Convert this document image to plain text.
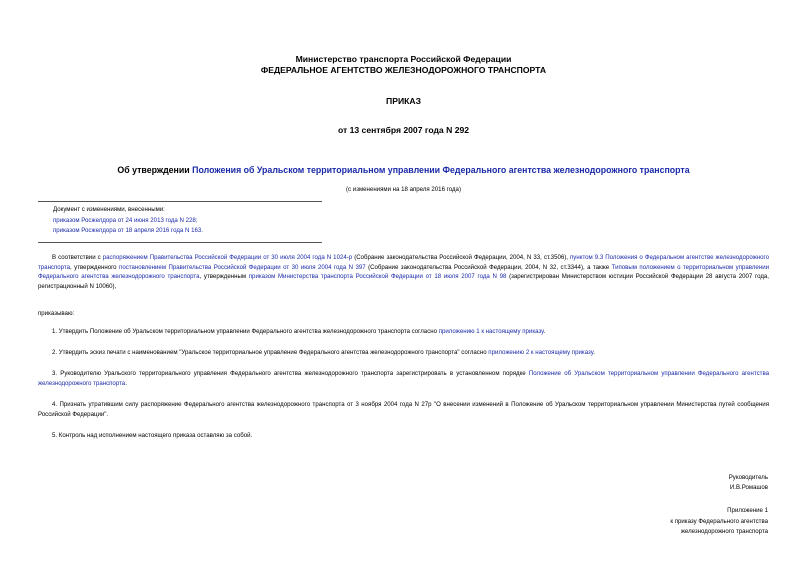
Министерство транспорта Российской Федерации
ФЕДЕРАЛЬНОЕ АГЕНТСТВО ЖЕЛЕЗНОДОРОЖНОГО ТРАНСПОРТА
ПРИКАЗ
от 13 сентября 2007 года N 292
Об утверждении Положения об Уральском территориальном управлении Федерального агентства железнодорожного транспорта
(с изменениями на 18 апреля 2016 года)
Документ с изменениями, внесенными:
приказом Росжелдора от 24 июня 2013 года N 228;
приказом Росжелдора от 18 апреля 2016 года N 163.
В соответствии с распоряжением Правительства Российской Федерации от 30 июля 2004 года N 1024-р (Собрание законодательства Российской Федерации, 2004, N 33, ст.3506), пунктом 9.3 Положения о Федеральном агентстве железнодорожного транспорта, утвержденного постановлением Правительства Российской Федерации от 30 июля 2004 года N 397 (Собрание законодательства Российской Федерации, 2004, N 32, ст.3344), а также Типовым положением о территориальном управлении Федерального агентства железнодорожного транспорта, утвержденным приказом Министерства транспорта Российской Федерации от 18 июля 2007 года N 98 (зарегистрирован Министерством юстиции Российской Федерации 28 августа 2007 года, регистрационный N 10060),
приказываю:
1. Утвердить Положение об Уральском территориальном управлении Федерального агентства железнодорожного транспорта согласно приложению 1 к настоящему приказу.
2. Утвердить эскиз печати с наименованием "Уральское территориальное управление Федерального агентства железнодорожного транспорта" согласно приложению 2 к настоящему приказу.
3. Руководителю Уральского территориального управления Федерального агентства железнодорожного транспорта зарегистрировать в установленном порядке Положение об Уральском территориальном управлении Федерального агентства железнодорожного транспорта.
4. Признать утратившим силу распоряжение Федерального агентства железнодорожного транспорта от 3 ноября 2004 года N 27р "О внесении изменений в Положение об Уральском территориальном управлении Министерства путей сообщения Российской Федерации".
5. Контроль над исполнением настоящего приказа оставляю за собой.
Руководитель
И.В.Ромашов
Приложение 1
к приказу Федерального агентства
железнодорожного транспорта
